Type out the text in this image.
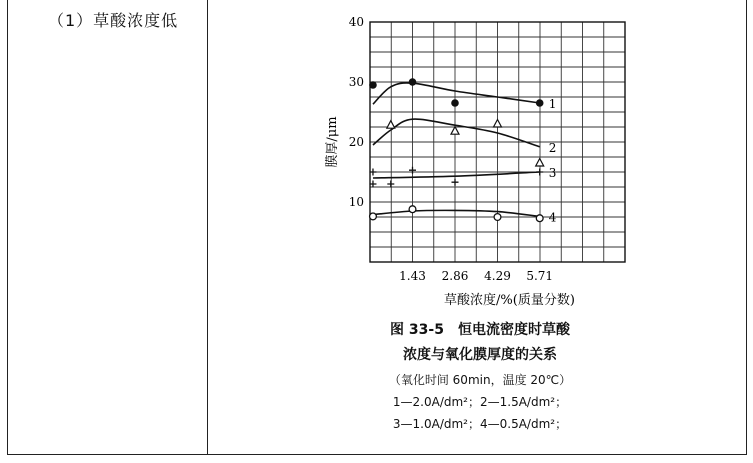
（1）草酸浓度低
1
2
3
4
1.43 2.86 4.29 5.71
10
20
30
40
膜厚/μm
草酸浓度/%(质量分数)
图 33-5　恒电流密度时草酸
浓度与氧化膜厚度的关系
（氧化时间 60min，温度 20℃）
1—2.0A/dm²；2—1.5A/dm²；
3—1.0A/dm²；4—0.5A/dm²；
